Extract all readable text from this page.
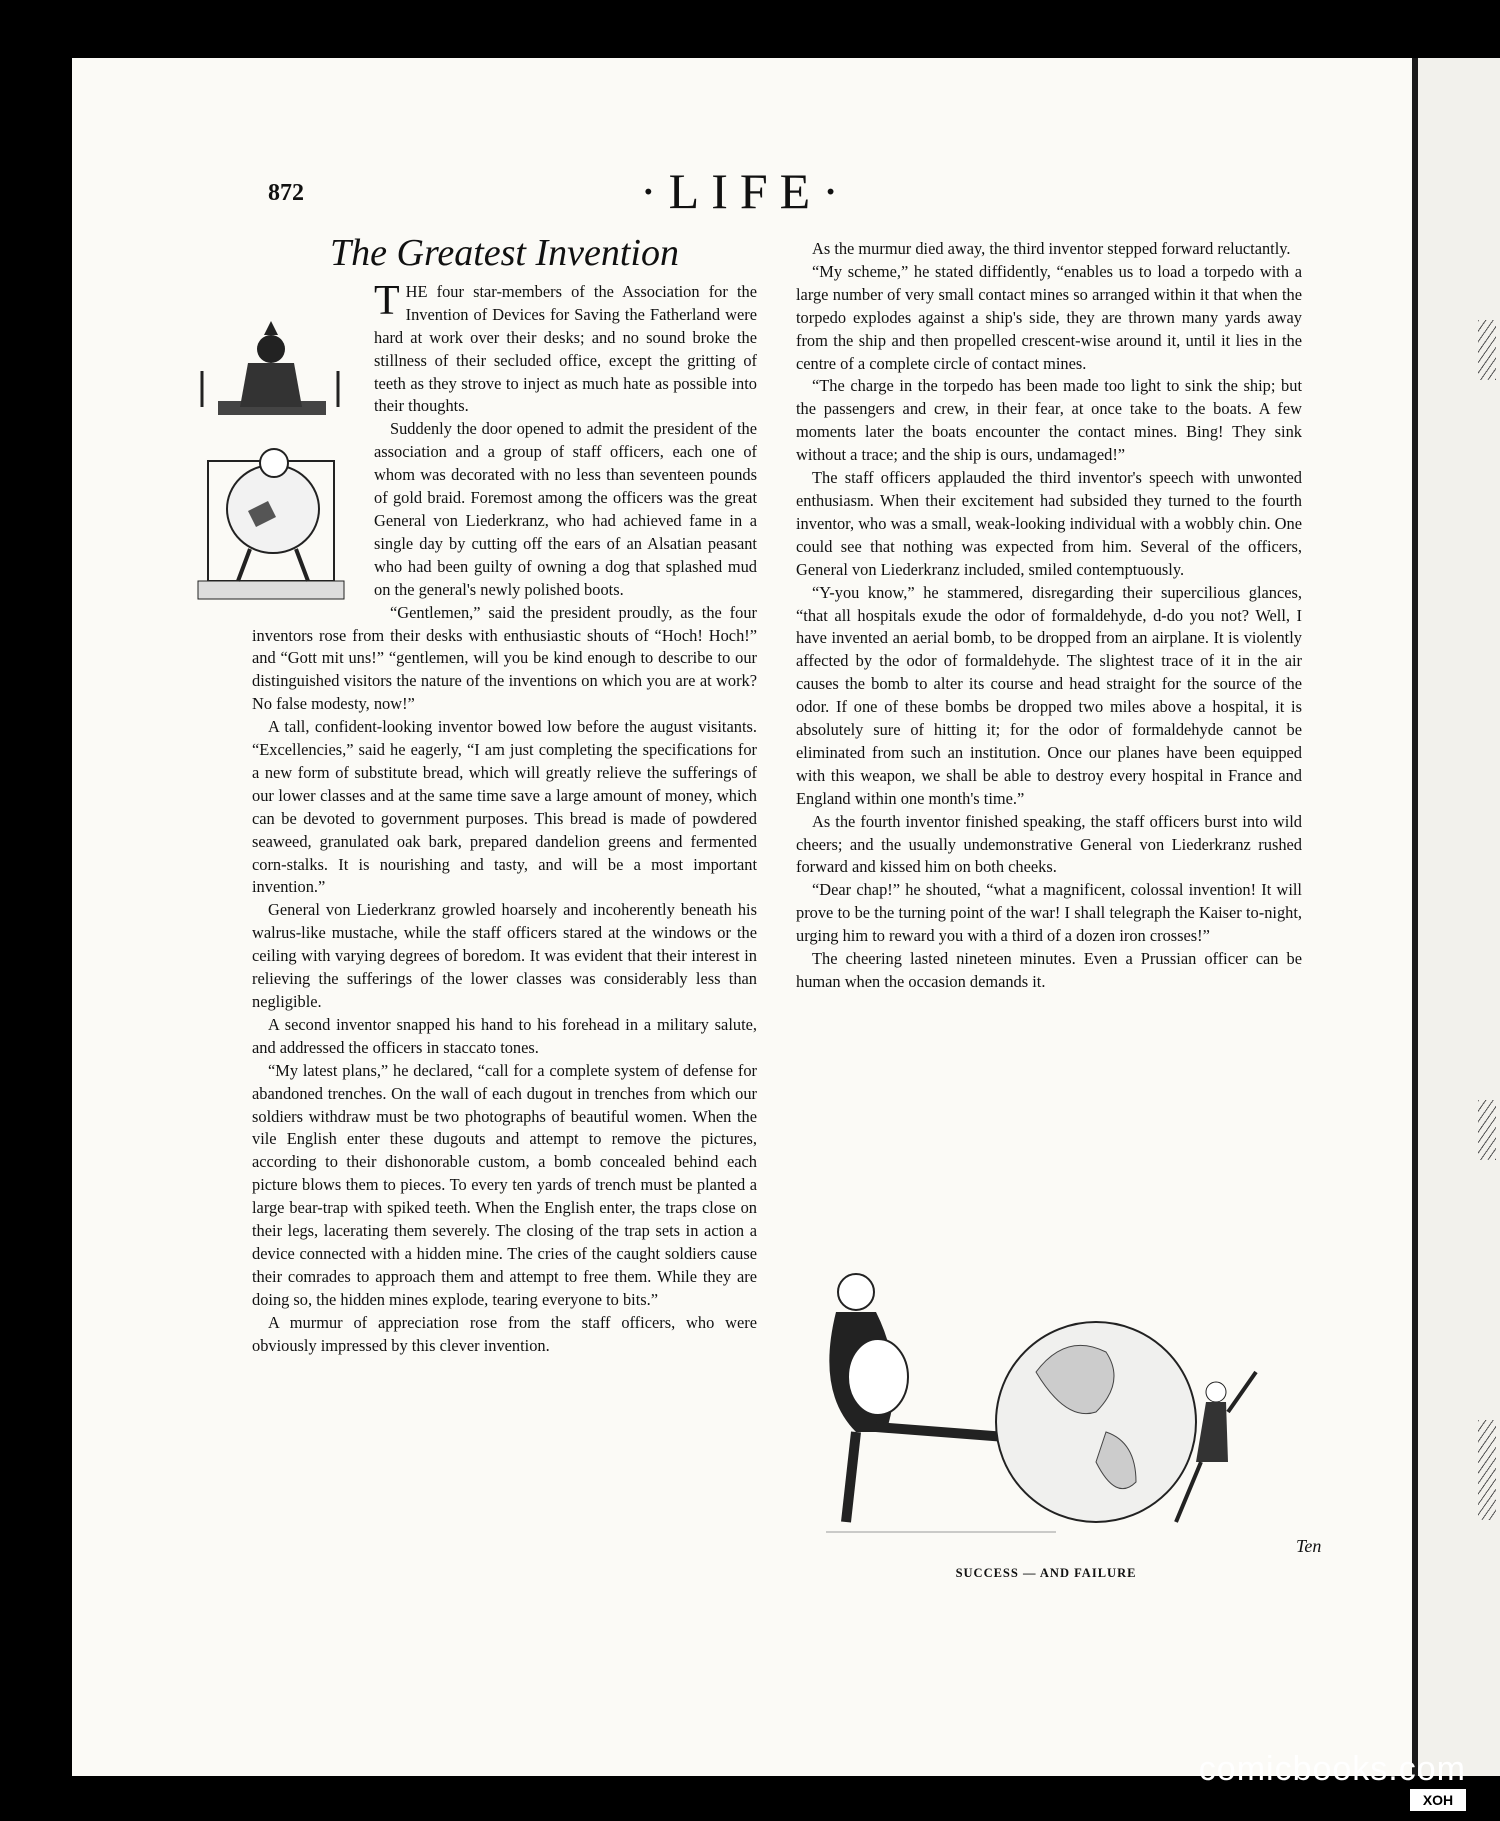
872	·LIFE·
The Greatest Invention
T HE four star-members of the Association for the Invention of Devices for Saving the Fatherland were hard at work over their desks; and no sound broke the stillness of their secluded office, except the gritting of teeth as they strove to inject as much hate as possible into their thoughts.

Suddenly the door opened to admit the president of the association and a group of staff officers, each one of whom was decorated with no less than seventeen pounds of gold braid. Foremost among the officers was the great General von Liederkranz, who had achieved fame in a single day by cutting off the ears of an Alsatian peasant who had been guilty of owning a dog that splashed mud on the general's newly polished boots.

“Gentlemen,” said the president proudly, as the four inventors rose from their desks with enthusiastic shouts of “Hoch! Hoch!” and “Gott mit uns!” “gentlemen, will you be kind enough to describe to our distinguished visitors the nature of the inventions on which you are at work? No false modesty, now!”

A tall, confident-looking inventor bowed low before the august visitants. “Excellencies,” said he eagerly, “I am just completing the specifications for a new form of substitute bread, which will greatly relieve the sufferings of our lower classes and at the same time save a large amount of money, which can be devoted to government purposes. This bread is made of powdered seaweed, granulated oak bark, prepared dandelion greens and fermented corn-stalks. It is nourishing and tasty, and will be a most important invention.”

General von Liederkranz growled hoarsely and incoherently beneath his walrus-like mustache, while the staff officers stared at the windows or the ceiling with varying degrees of boredom. It was evident that their interest in relieving the sufferings of the lower classes was considerably less than negligible.

A second inventor snapped his hand to his forehead in a military salute, and addressed the officers in staccato tones.

“My latest plans,” he declared, “call for a complete system of defense for abandoned trenches. On the wall of each dugout in trenches from which our soldiers withdraw must be two photographs of beautiful women. When the vile English enter these dugouts and attempt to remove the pictures, according to their dishonorable custom, a bomb concealed behind each picture blows them to pieces. To every ten yards of trench must be planted a large bear-trap with spiked teeth. When the English enter, the traps close on their legs, lacerating them severely. The closing of the trap sets in action a device connected with a hidden mine. The cries of the caught soldiers cause their comrades to approach them and attempt to free them. While they are doing so, the hidden mines explode, tearing everyone to bits.”

A murmur of appreciation rose from the staff officers, who were obviously impressed by this clever invention.

As the murmur died away, the third inventor stepped forward reluctantly.

“My scheme,” he stated diffidently, “enables us to load a torpedo with a large number of very small contact mines so arranged within it that when the torpedo explodes against a ship's side, they are thrown many yards away from the ship and then propelled crescent-wise around it, until it lies in the centre of a complete circle of contact mines.

“The charge in the torpedo has been made too light to sink the ship; but the passengers and crew, in their fear, at once take to the boats. A few moments later the boats encounter the contact mines. Bing! They sink without a trace; and the ship is ours, undamaged!”

The staff officers applauded the third inventor's speech with unwonted enthusiasm. When their excitement had subsided they turned to the fourth inventor, who was a small, weak-looking individual with a wobbly chin. One could see that nothing was expected from him. Several of the officers, General von Liederkranz included, smiled contemptuously.

“Y-you know,” he stammered, disregarding their supercilious glances, “that all hospitals exude the odor of formaldehyde, d-do you not? Well, I have invented an aerial bomb, to be dropped from an airplane. It is violently affected by the odor of formaldehyde. The slightest trace of it in the air causes the bomb to alter its course and head straight for the source of the odor. If one of these bombs be dropped two miles above a hospital, it is absolutely sure of hitting it; for the odor of formaldehyde cannot be eliminated from such an institution. Once our planes have been equipped with this weapon, we shall be able to destroy every hospital in France and England within one month's time.”

As the fourth inventor finished speaking, the staff officers burst into wild cheers; and the usually undemonstrative General von Liederkranz rushed forward and kissed him on both cheeks.

“Dear chap!” he shouted, “what a magnificent, colossal invention! It will prove to be the turning point of the war! I shall telegraph the Kaiser to-night, urging him to reward you with a third of a dozen iron crosses!”

The cheering lasted nineteen minutes. Even a Prussian officer can be human when the occasion demands it.

SUCCESS — AND FAILURE
Ten
comicbooks.com
XOH
